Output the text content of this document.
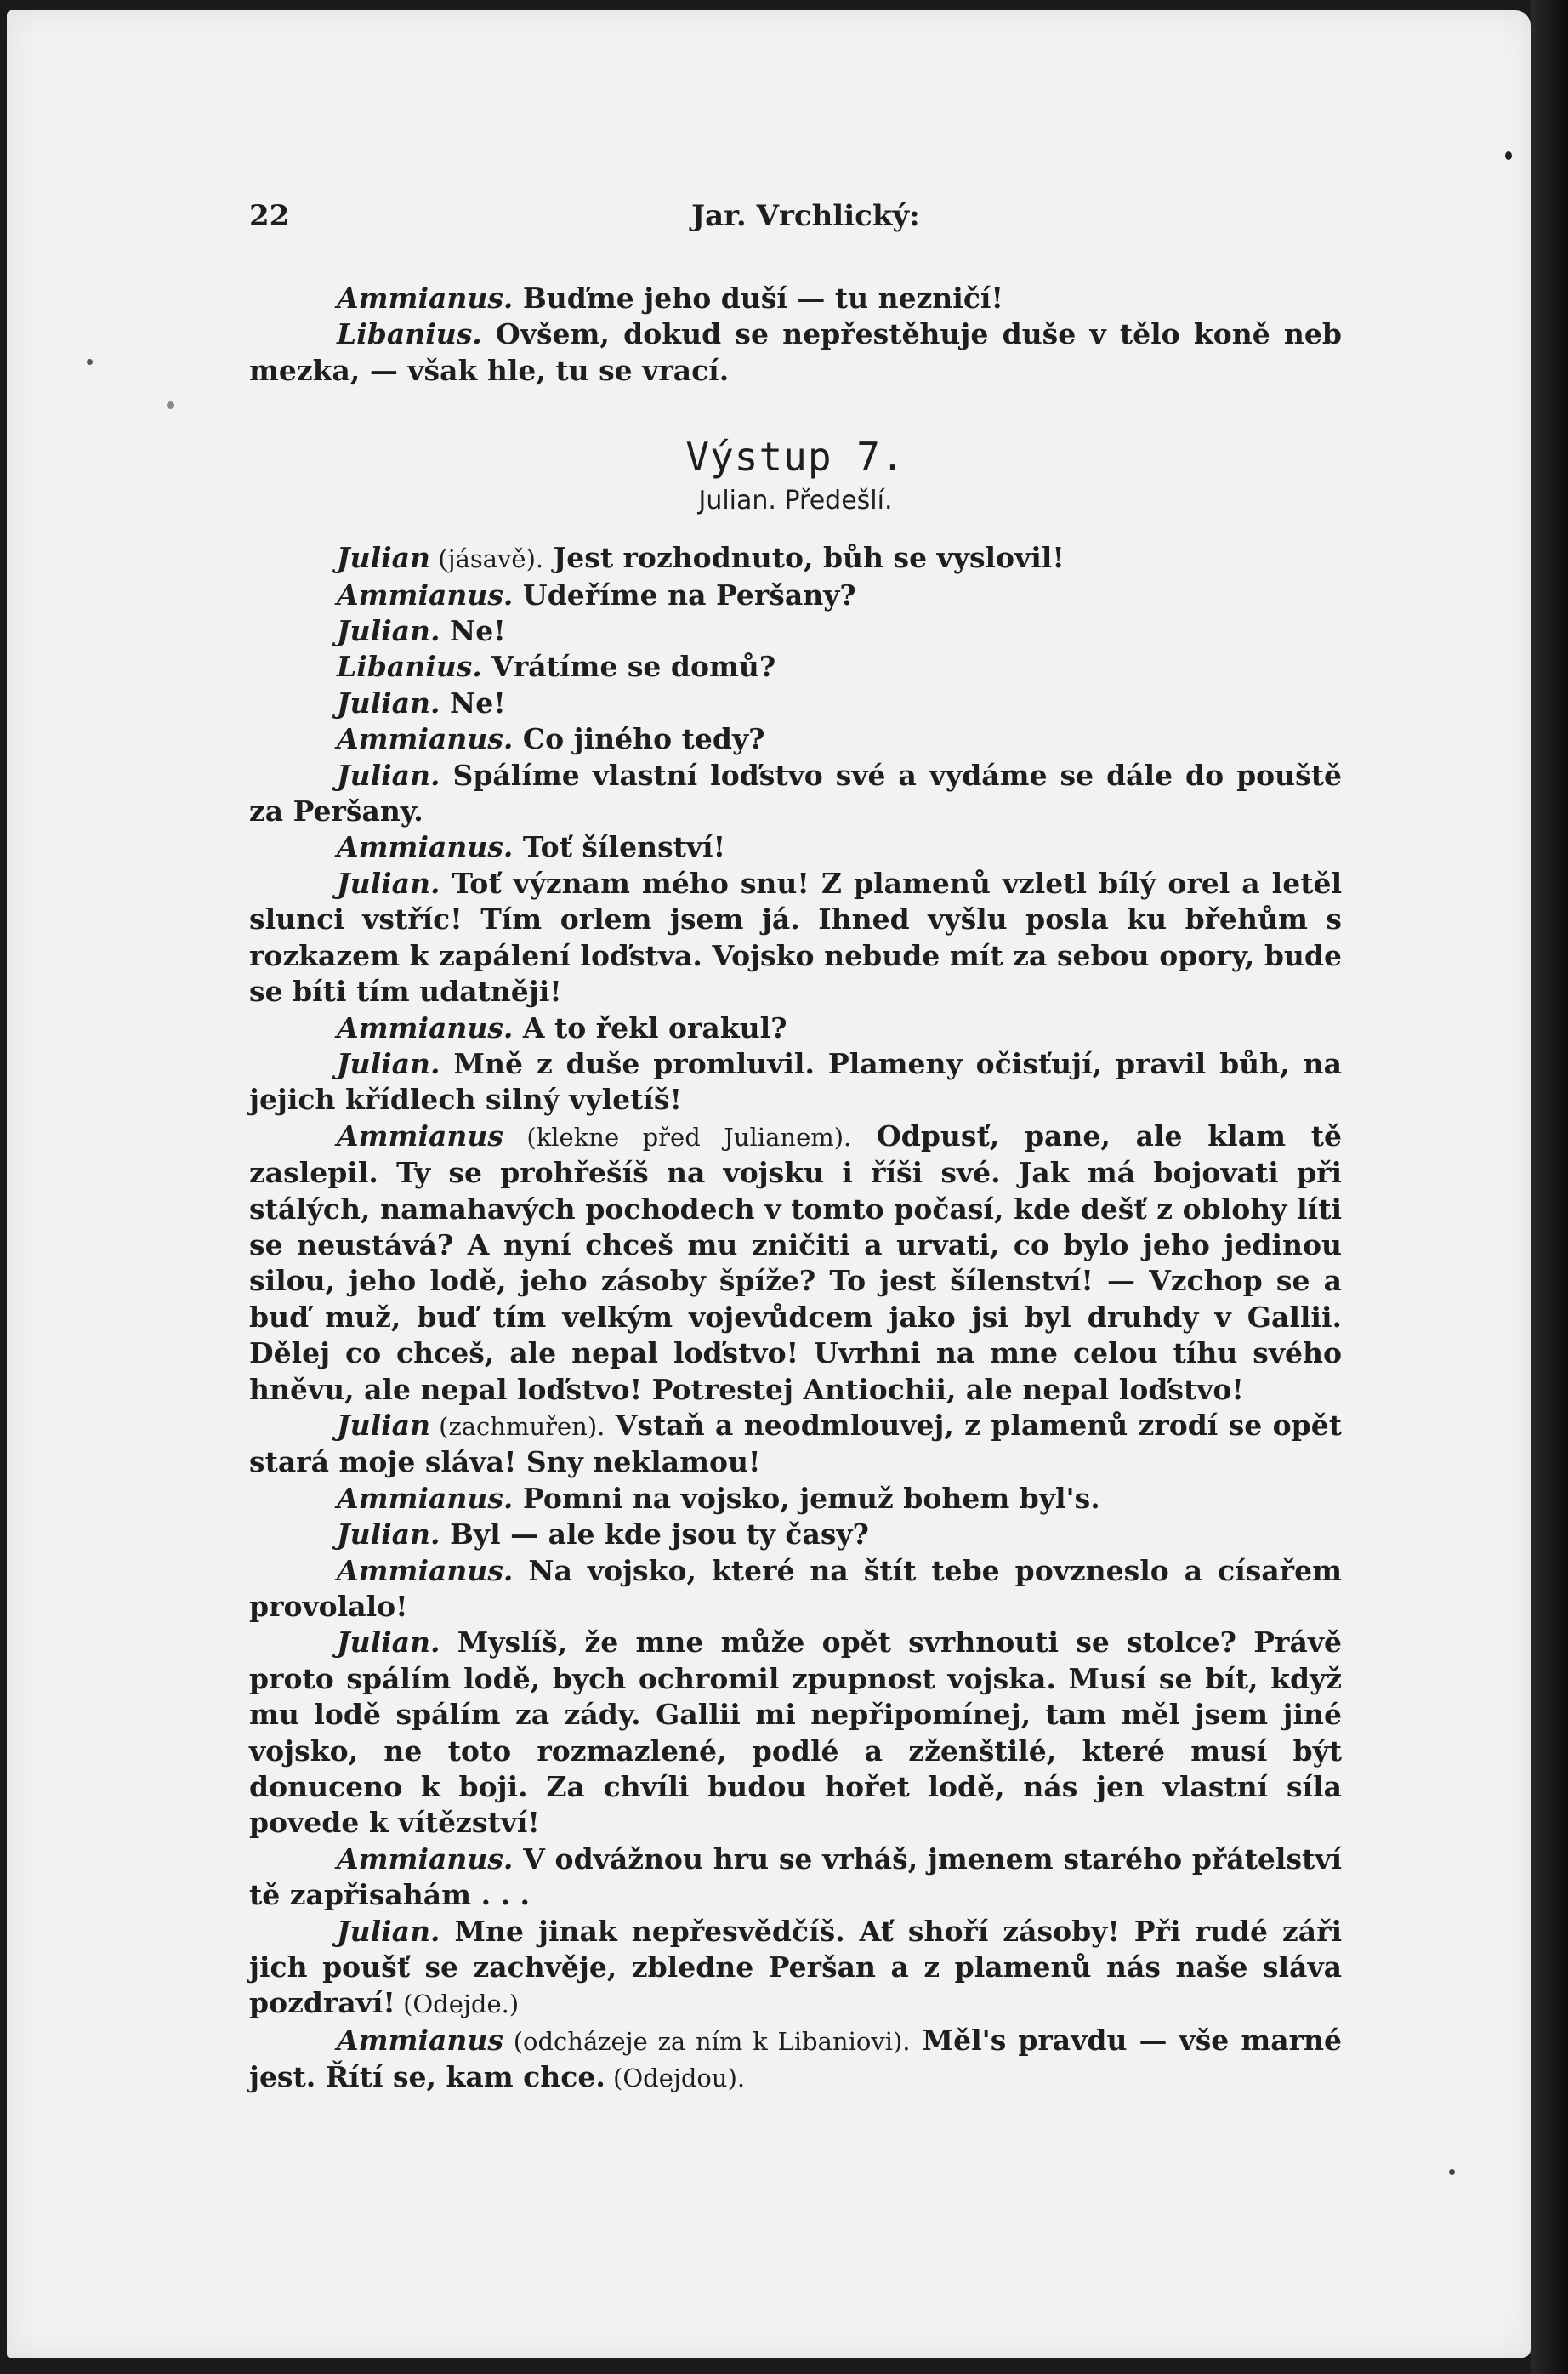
22	Jar. Vrchlický:

Ammianus. Buďme jeho duší — tu nezničí!

Libanius. Ovšem, dokud se nepřestěhuje duše v tělo koně neb mezka, — však hle, tu se vrací.

Výstup 7.
Julian. Předešlí.

Julian (jásavě). Jest rozhodnuto, bůh se vyslovil!

Ammianus. Udeříme na Peršany?

Julian. Ne!

Libanius. Vrátíme se domů?

Julian. Ne!

Ammianus. Co jiného tedy?

Julian. Spálíme vlastní loďstvo své a vydáme se dále do pouště za Peršany.

Ammianus. Toť šílenství!

Julian. Toť význam mého snu! Z plamenů vzletl bílý orel a letěl slunci vstříc! Tím orlem jsem já. Ihned vyšlu posla ku břehům s rozkazem k zapálení loďstva. Vojsko nebude mít za sebou opory, bude se bíti tím udatněji!

Ammianus. A to řekl orakul?

Julian. Mně z duše promluvil. Plameny očisťují, pravil bůh, na jejich křídlech silný vyletíš!

Ammianus (klekne před Julianem). Odpusť, pane, ale klam tě zaslepil. Ty se prohřešíš na vojsku i říši své. Jak má bojovati při stálých, namahavých pochodech v tomto počasí, kde dešť z oblohy líti se neustává? A nyní chceš mu zničiti a urvati, co bylo jeho jedinou silou, jeho lodě, jeho zásoby špíže? To jest šílenství! — Vzchop se a buď muž, buď tím velkým vojevůdcem jako jsi byl druhdy v Gallii. Dělej co chceš, ale nepal loďstvo! Uvrhni na mne celou tíhu svého hněvu, ale nepal loďstvo! Potrestej Antiochii, ale nepal loďstvo!

Julian (zachmuřen). Vstaň a neodmlouvej, z plamenů zrodí se opět stará moje sláva! Sny neklamou!

Ammianus. Pomni na vojsko, jemuž bohem byl's.

Julian. Byl — ale kde jsou ty časy?

Ammianus. Na vojsko, které na štít tebe povzneslo a císařem provolalo!

Julian. Myslíš, že mne může opět svrhnouti se stolce? Právě proto spálím lodě, bych ochromil zpupnost vojska. Musí se bít, když mu lodě spálím za zády. Gallii mi nepřipomínej, tam měl jsem jiné vojsko, ne toto rozmazlené, podlé a zženštilé, které musí být donuceno k boji. Za chvíli budou hořet lodě, nás jen vlastní síla povede k vítězství!

Ammianus. V odvážnou hru se vrháš, jmenem starého přátelství tě zapřisahám . . .

Julian. Mne jinak nepřesvědčíš. Ať shoří zásoby! Při rudé záři jich poušť se zachvěje, zbledne Peršan a z plamenů nás naše sláva pozdraví! (Odejde.)

Ammianus (odcházeje za ním k Libaniovi). Měl's pravdu — vše marné jest. Řítí se, kam chce. (Odejdou).
